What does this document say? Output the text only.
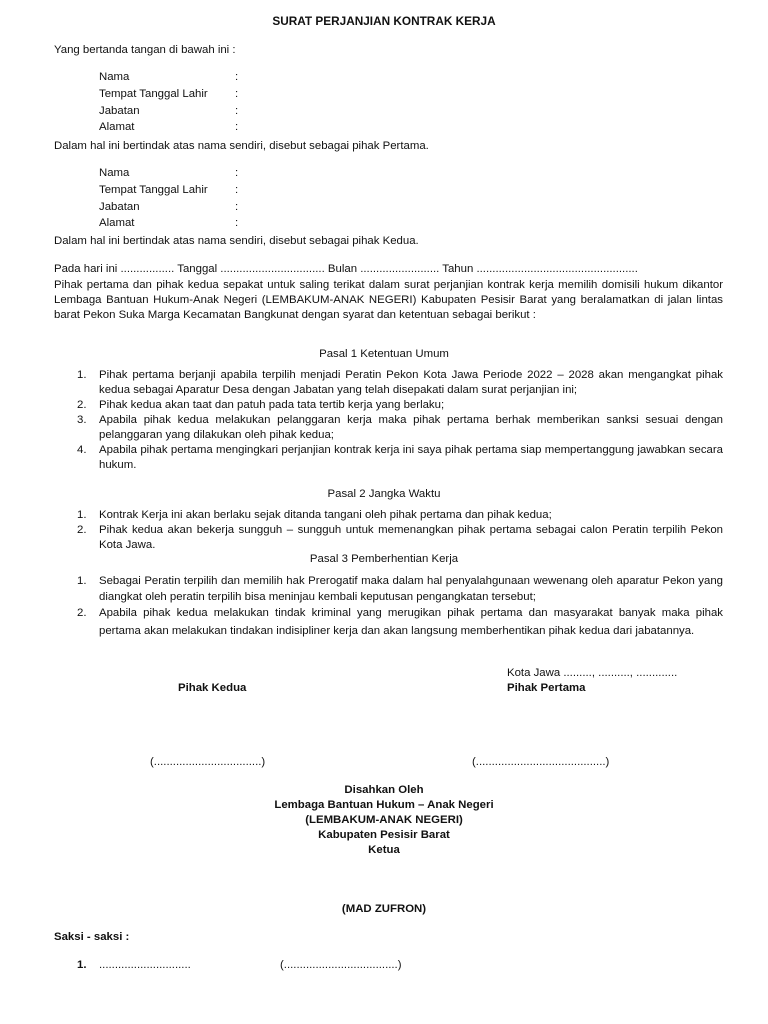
SURAT PERJANJIAN KONTRAK KERJA
Yang bertanda tangan di bawah ini :
Nama	:
Tempat Tanggal Lahir	:
Jabatan	:
Alamat	:
Dalam hal ini bertindak atas nama sendiri, disebut sebagai pihak Pertama.
Nama	:
Tempat Tanggal Lahir	:
Jabatan	:
Alamat	:
Dalam hal ini bertindak atas nama sendiri, disebut sebagai pihak Kedua.
Pada hari ini ................. Tanggal ................................. Bulan ......................... Tahun ...................................................
Pihak pertama dan pihak kedua sepakat untuk saling terikat dalam surat perjanjian kontrak kerja memilih domisili hukum dikantor Lembaga Bantuan Hukum-Anak Negeri (LEMBAKUM-ANAK NEGERI) Kabupaten Pesisir Barat yang beralamatkan di jalan lintas barat Pekon Suka Marga Kecamatan Bangkunat dengan syarat dan ketentuan sebagai berikut :
Pasal 1 Ketentuan Umum
1.	Pihak pertama berjanji apabila terpilih menjadi Peratin Pekon Kota Jawa Periode 2022 – 2028 akan mengangkat pihak kedua sebagai Aparatur Desa dengan Jabatan yang telah disepakati dalam surat perjanjian ini;
2.	Pihak kedua akan taat dan patuh pada tata tertib kerja yang berlaku;
3.	Apabila pihak kedua melakukan pelanggaran kerja maka pihak pertama berhak memberikan sanksi sesuai dengan pelanggaran yang dilakukan oleh pihak kedua;
4.	Apabila pihak pertama mengingkari perjanjian kontrak kerja ini saya pihak pertama siap mempertanggung jawabkan secara hukum.
Pasal 2 Jangka Waktu
1.	Kontrak Kerja ini akan berlaku sejak ditanda tangani oleh pihak pertama dan pihak kedua;
2.	Pihak kedua akan bekerja sungguh – sungguh untuk memenangkan pihak pertama sebagai calon Peratin terpilih Pekon Kota Jawa.
Pasal 3 Pemberhentian Kerja
1.	Sebagai Peratin terpilih dan memilih hak Prerogatif maka dalam hal penyalahgunaan wewenang oleh aparatur Pekon yang diangkat oleh peratin terpilih bisa meninjau kembali keputusan pengangkatan tersebut;
2.	Apabila pihak kedua melakukan tindak kriminal yang merugikan pihak pertama dan masyarakat banyak maka pihak pertama akan melakukan tindakan indisipliner kerja dan akan langsung memberhentikan pihak kedua dari jabatannya.
Kota Jawa ........., .........., .............
Pihak Kedua	Pihak Pertama
(..................................)	(.........................................)
Disahkan Oleh
Lembaga Bantuan Hukum – Anak Negeri
(LEMBAKUM-ANAK NEGERI)
Kabupaten Pesisir Barat
Ketua
(MAD ZUFRON)
Saksi - saksi :
1. .............................	(....................................)
